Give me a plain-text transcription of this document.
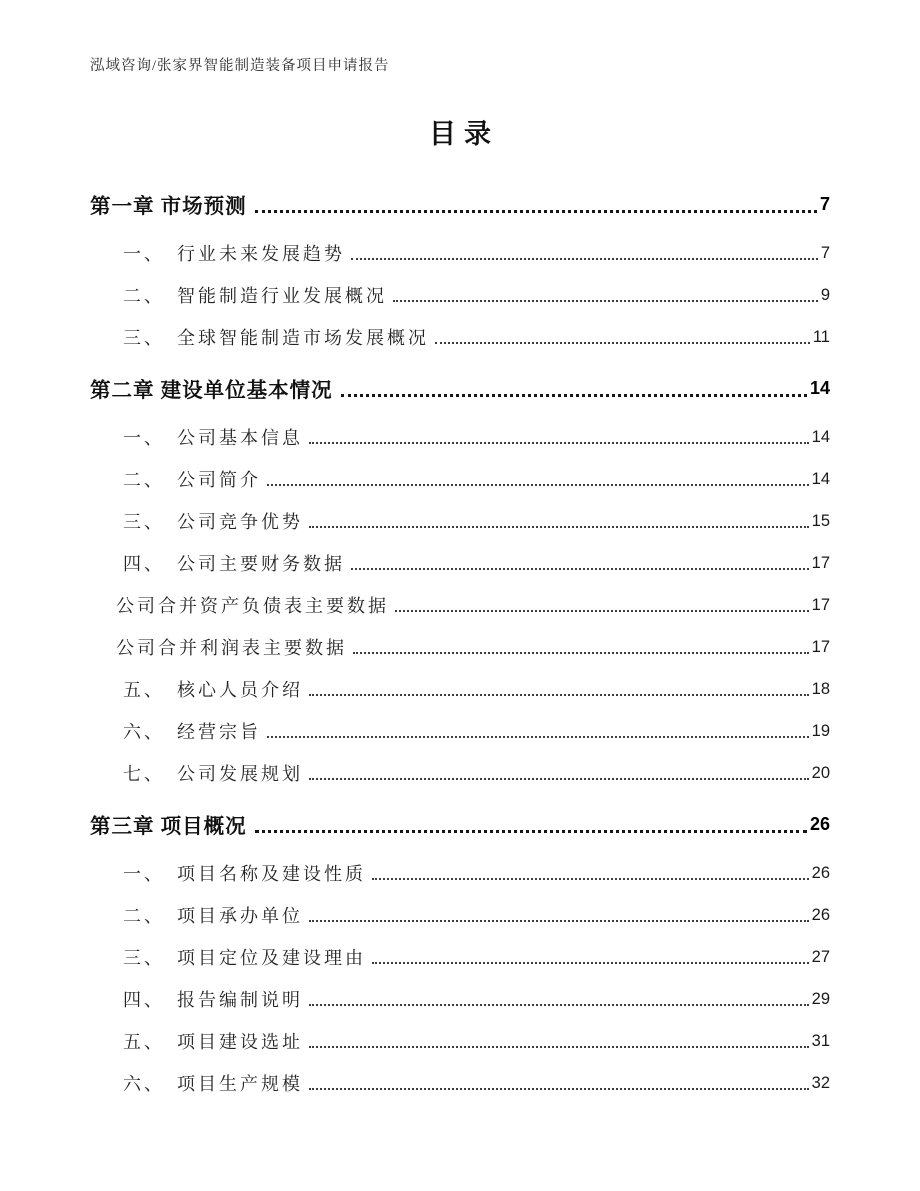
泓域咨询/张家界智能制造装备项目申请报告
目录
第一章 市场预测	7
一、 行业未来发展趋势	7
二、 智能制造行业发展概况	9
三、 全球智能制造市场发展概况	11
第二章 建设单位基本情况	14
一、 公司基本信息	14
二、 公司简介	14
三、 公司竞争优势	15
四、 公司主要财务数据	17
公司合并资产负债表主要数据	17
公司合并利润表主要数据	17
五、 核心人员介绍	18
六、 经营宗旨	19
七、 公司发展规划	20
第三章 项目概况	26
一、 项目名称及建设性质	26
二、 项目承办单位	26
三、 项目定位及建设理由	27
四、 报告编制说明	29
五、 项目建设选址	31
六、 项目生产规模	32
